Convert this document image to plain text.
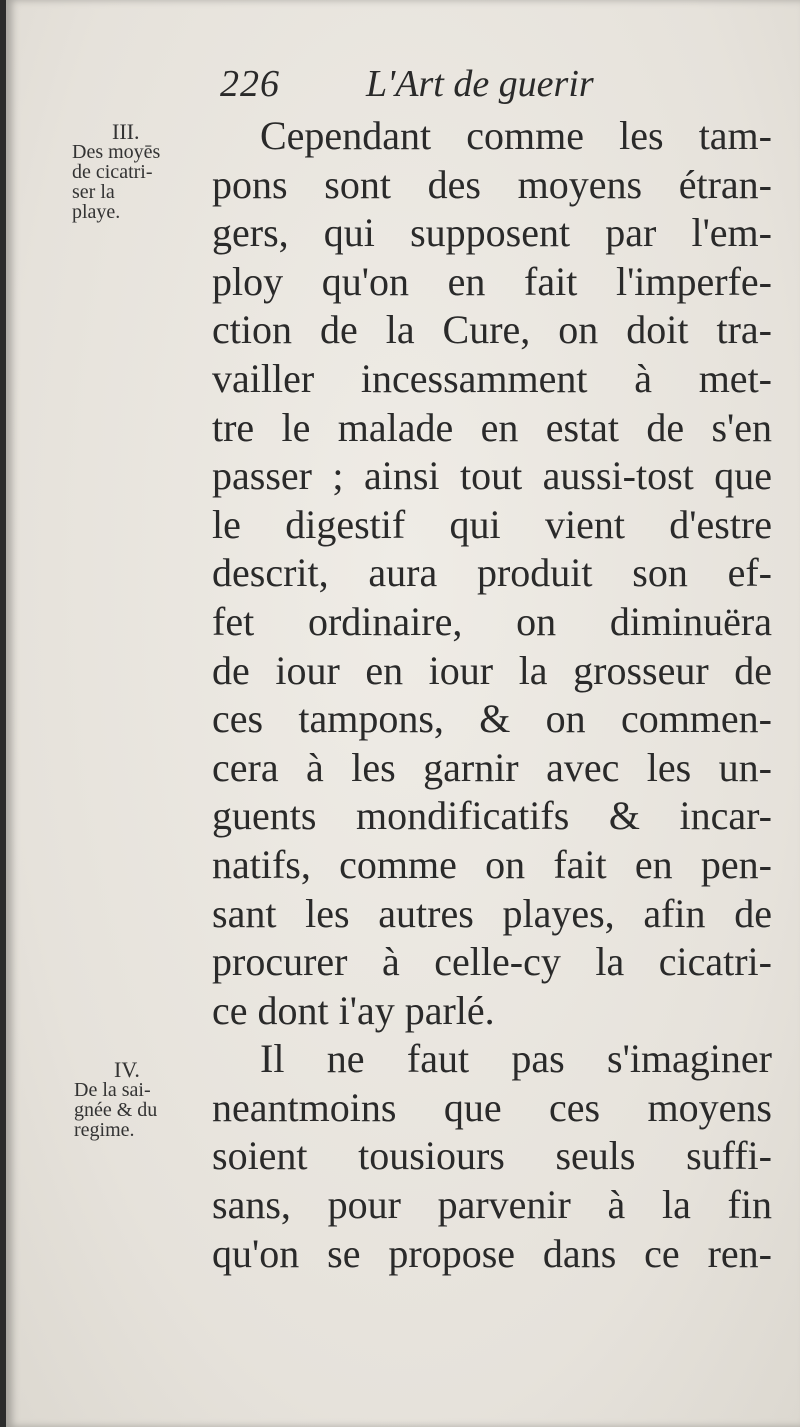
226 L'Art de guerir
III.
Des moyēs
de cicatri-
ser la
playe.
IV.
De la sai-
gnée & du
regime.
Cependant comme les tam-
pons sont des moyens étran-
gers, qui supposent par l'em-
ploy qu'on en fait l'imperfe-
ction de la Cure, on doit tra-
vailler incessamment à met-
tre le malade en estat de s'en
passer ; ainsi tout aussi-tost que
le digestif qui vient d'estre
descrit, aura produit son ef-
fet ordinaire, on diminuëra
de iour en iour la grosseur de
ces tampons, & on commen-
cera à les garnir avec les un-
guents mondificatifs & incar-
natifs, comme on fait en pen-
sant les autres playes, afin de
procurer à celle-cy la cicatri-
ce dont i'ay parlé.
Il ne faut pas s'imaginer
neantmoins que ces moyens
soient tousiours seuls suffi-
sans, pour parvenir à la fin
qu'on se propose dans ce ren-
